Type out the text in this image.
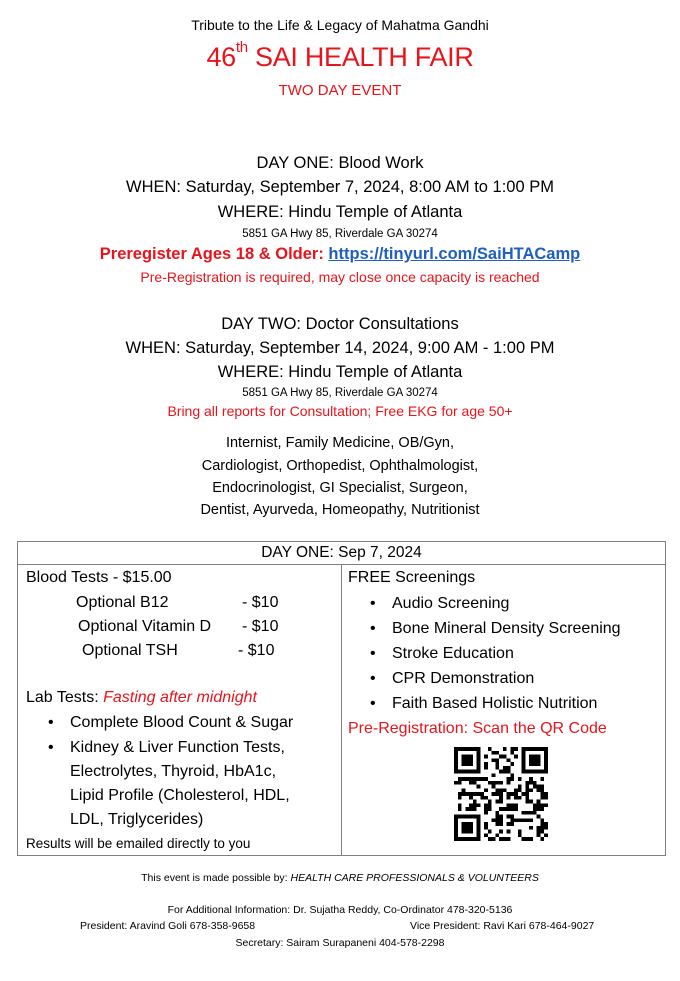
Tribute to the Life & Legacy of Mahatma Gandhi
46th SAI HEALTH FAIR
TWO DAY EVENT
DAY ONE: Blood Work
WHEN: Saturday, September 7, 2024, 8:00 AM to 1:00 PM
WHERE: Hindu Temple of Atlanta
5851 GA Hwy 85, Riverdale GA 30274
Preregister Ages 18 & Older: https://tinyurl.com/SaiHTACamp
Pre-Registration is required, may close once capacity is reached
DAY TWO: Doctor Consultations
WHEN: Saturday, September 14, 2024, 9:00 AM - 1:00 PM
WHERE: Hindu Temple of Atlanta
5851 GA Hwy 85, Riverdale GA 30274
Bring all reports for Consultation; Free EKG for age 50+
Internist, Family Medicine, OB/Gyn,
Cardiologist, Orthopedist, Ophthalmologist,
Endocrinologist, GI Specialist, Surgeon,
Dentist, Ayurveda, Homeopathy, Nutritionist
DAY ONE: Sep 7, 2024

Blood Tests - $15.00
Optional B12	- $10
Optional Vitamin D - $10
Optional TSH	- $10
Lab Tests: Fasting after midnight
• Complete Blood Count & Sugar
• Kidney & Liver Function Tests,
Electrolytes, Thyroid, HbA1c,
Lipid Profile (Cholesterol, HDL,
LDL, Triglycerides)
Results will be emailed directly to you

FREE Screenings
• Audio Screening
• Bone Mineral Density Screening
• Stroke Education
• CPR Demonstration
• Faith Based Holistic Nutrition
Pre-Registration: Scan the QR Code
This event is made possible by: HEALTH CARE PROFESSIONALS & VOLUNTEERS
For Additional Information: Dr. Sujatha Reddy, Co-Ordinator 478-320-5136
President: Aravind Goli 678-358-9658	Vice President: Ravi Kari 678-464-9027
Secretary: Sairam Surapaneni 404-578-2298
